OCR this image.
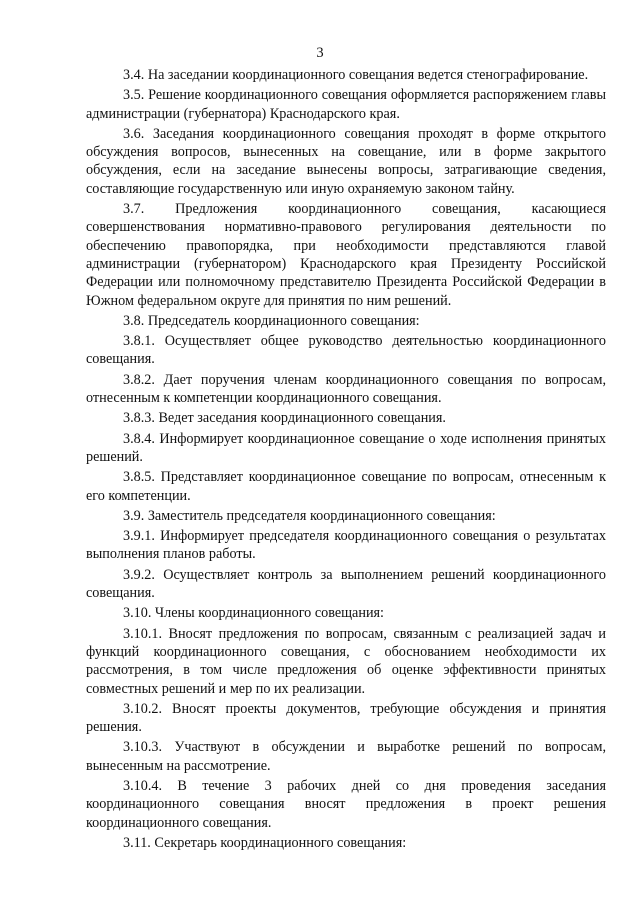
3

3.4. На заседании координационного совещания ведется стенографирование.

3.5. Решение координационного совещания оформляется распоряжением главы администрации (губернатора) Краснодарского края.

3.6. Заседания координационного совещания проходят в форме открытого обсуждения вопросов, вынесенных на совещание, или в форме закрытого обсуждения, если на заседание вынесены вопросы, затрагивающие сведения, составляющие государственную или иную охраняемую законом тайну.

3.7. Предложения координационного совещания, касающиеся совершенствования нормативно-правового регулирования деятельности по обеспечению правопорядка, при необходимости представляются главой администрации (губернатором) Краснодарского края Президенту Российской Федерации или полномочному представителю Президента Российской Федерации в Южном федеральном округе для принятия по ним решений.

3.8. Председатель координационного совещания:

3.8.1. Осуществляет общее руководство деятельностью координационного совещания.

3.8.2. Дает поручения членам координационного совещания по вопросам, отнесенным к компетенции координационного совещания.

3.8.3. Ведет заседания координационного совещания.

3.8.4. Информирует координационное совещание о ходе исполнения принятых решений.

3.8.5. Представляет координационное совещание по вопросам, отнесенным к его компетенции.

3.9. Заместитель председателя координационного совещания:

3.9.1. Информирует председателя координационного совещания о результатах выполнения планов работы.

3.9.2. Осуществляет контроль за выполнением решений координационного совещания.

3.10. Члены координационного совещания:

3.10.1. Вносят предложения по вопросам, связанным с реализацией задач и функций координационного совещания, с обоснованием необходимости их рассмотрения, в том числе предложения об оценке эффективности принятых совместных решений и мер по их реализации.

3.10.2. Вносят проекты документов, требующие обсуждения и принятия решения.

3.10.3. Участвуют в обсуждении и выработке решений по вопросам, вынесенным на рассмотрение.

3.10.4. В течение 3 рабочих дней со дня проведения заседания координационного совещания вносят предложения в проект решения координационного совещания.

3.11. Секретарь координационного совещания:
